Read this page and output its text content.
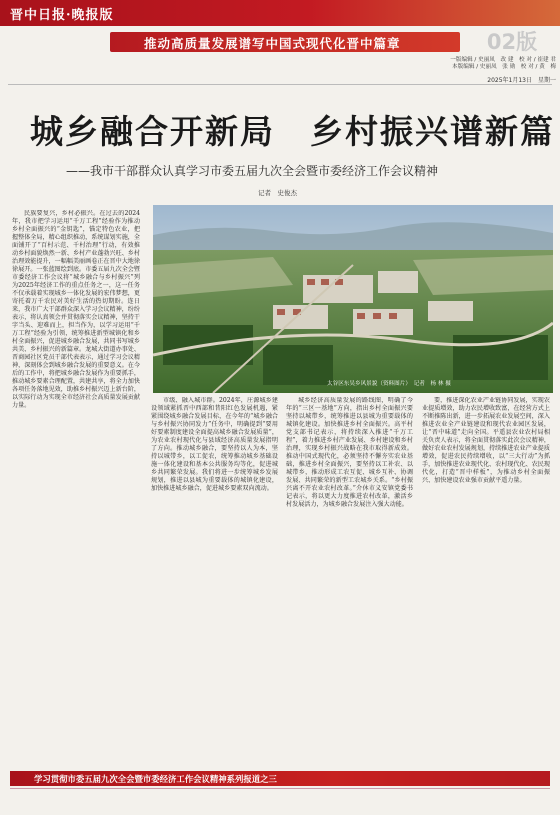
晋中日报·晚报版
推动高质量发展谱写中国式现代化晋中篇章	02版
一版编辑 / 史丽凤　改 建　校 对 / 崔建 君
本版编辑 / 史丽凤　张 勋　校 对 / 黄　梅
2025年1月13日　星期一
城乡融合开新局　乡村振兴谱新篇
——我市干部群众认真学习市委五届九次全会暨市委经济工作会议精神
记者　史俊杰
太谷区东吴乡风景貌（资料图片）　记者　杨 林 摄

民族要复兴，乡村必振兴。在过去的2024年，我市把学习运用“千万工程”经验作为推动乡村全面振兴的“金钥匙”，锚定特色农业，把握整体全局，精心组织推动，系统谋划实施，全面铺开了“百村示范、千村治理”行动，有效推动乡村面貌焕然一新、乡村产业蓬勃兴旺、乡村治理效能提升，一幅幅美丽画卷正在晋中大地徐徐展开。一张蓝图绘到底。市委五届九次全会暨市委经济工作会议将“城乡融合与乡村振兴”列为2025年经济工作的重点任务之一，这一任务不仅承载着实现城乡一体化发展的宏伟梦想，更寄托着万千农民对美好生活的热切期盼。连日来，我市广大干部群众深入学习会议精神，纷纷表示，将认真领会并贯彻落实会议精神，坚持干字当头、迎难而上，担当作为，以学习运用“千万工程”经验为引领，统筹推进新型城镇化和乡村全面振兴，促进城乡融合发展，共同书写城乡共美、乡村振兴的新篇章。龙城大街道办事处、晋商园社区党员干部代表表示，通过学习会议精神，深刻体会到城乡融合发展的重要意义。在今后的工作中，将把城乡融合发展作为重要抓手，推动城乡要素合理配置，共建共享，将全力加快各项任务落地见效，助推乡村振兴迈上新台阶，以实际行动为实现全市经济社会高质量发展贡献力量。

市级、融入城市群。2024年，庄源城乡建设领域紧抓晋中西部和昔阳红色发展机遇，紧紧围绕城乡融合发展目标，在今年的“城乡融合与乡村振兴协同发力”任务中，明确提到“要用好要素制度建设全面提高城乡融合发展质量”，为农业农村现代化与县域经济高质量发展指明了方向。推动城乡融合，要坚持以人为本，坚持以城带乡，以工促农，统筹推动城乡基础设施一体化建设和基本公共服务均等化，促进城乡共同繁荣发展。我们将进一步统筹城乡发展规划，推进以县城为重要载体的城镇化建设，加快推进城乡融合，促进城乡要素双向流动。

城乡经济高质量发展的路线图，明确了今年的“三区一基地”方向，指出乡村全面振兴要坚持以城带乡，统筹推进以县城为重要载体的城镇化建设。加快推进乡村全面振兴。高平村党支部书记表示，将持续深入推进“千万工程”，着力推进乡村产业发展、乡村建设和乡村治理，实现乡村振兴战略在我市取得新成效。推动中国式现代化，必须坚持不懈夯实农业基础，推进乡村全面振兴，要坚持以工补农、以城带乡，推动形成工农互促、城乡互补、协调发展、共同繁荣的新型工农城乡关系。“乡村振兴离不开农业农村改革。”介休市义安镇党委书记表示，将以更大力度推进农村改革，激活乡村发展活力，为城乡融合发展注入强大动能。

要，推进深化农业产业链协同发展，实现农业提质增效，助力农民增收致富，在经营方式上不断推陈出新，进一步拓展农业发展空间，深入推进农业全产业链建设和现代农业园区发展，让“晋中味道”走向全国。平遥县农业农村局相关负责人表示，将全面贯彻落实此次会议精神，做好农业农村发展规划，持续推进农业产业提质增效，促进农民持续增收，以“三大行动”为抓手，加快推进农业现代化、农村现代化、农民现代化，打造“晋中样板”，为推动乡村全面振兴、加快建设农业强市贡献平遥力量。

学习贯彻市委五届九次全会暨市委经济工作会议精神系列报道之三
